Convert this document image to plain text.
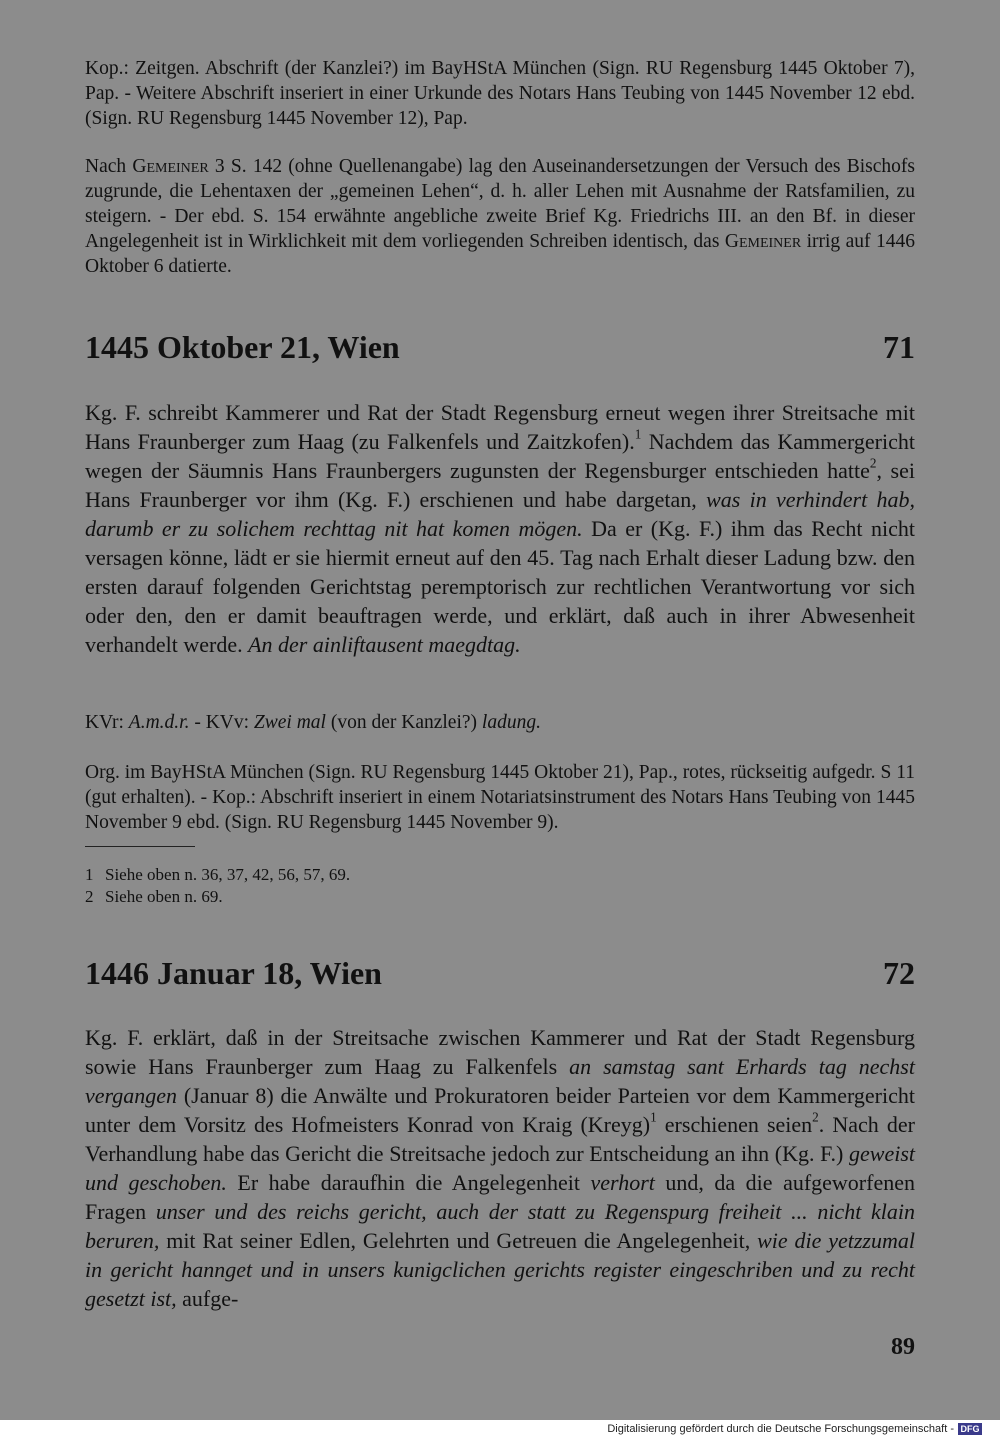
Kop.: Zeitgen. Abschrift (der Kanzlei?) im BayHStA München (Sign. RU Regensburg 1445 Oktober 7), Pap. - Weitere Abschrift inseriert in einer Urkunde des Notars Hans Teubing von 1445 November 12 ebd. (Sign. RU Regensburg 1445 November 12), Pap.

Nach Gemeiner 3 S. 142 (ohne Quellenangabe) lag den Auseinandersetzungen der Versuch des Bischofs zugrunde, die Lehentaxen der „gemeinen Lehen“, d. h. aller Lehen mit Ausnahme der Ratsfamilien, zu steigern. - Der ebd. S. 154 erwähnte angebliche zweite Brief Kg. Friedrichs III. an den Bf. in dieser Angelegenheit ist in Wirklichkeit mit dem vorliegenden Schreiben identisch, das Gemeiner irrig auf 1446 Oktober 6 datierte.

1445 Oktober 21, Wien	71

Kg. F. schreibt Kammerer und Rat der Stadt Regensburg erneut wegen ihrer Streitsache mit Hans Fraunberger zum Haag (zu Falkenfels und Zaitzkofen).$^1$ Nachdem das Kammergericht wegen der Säumnis Hans Fraunbergers zugunsten der Regensburger entschieden hatte$^2$, sei Hans Fraunberger vor ihm (Kg. F.) erschienen und habe dargetan, was in verhindert hab, darumb er zu solichem rechttag nit hat komen mögen. Da er (Kg. F.) ihm das Recht nicht versagen könne, lädt er sie hiermit erneut auf den 45. Tag nach Erhalt dieser Ladung bzw. den ersten darauf folgenden Gerichtstag peremptorisch zur rechtlichen Verantwortung vor sich oder den, den er damit beauftragen werde, und erklärt, daß auch in ihrer Abwesenheit verhandelt werde. An der ainliftausent maegdtag.

KVr: A.m.d.r. - KVv: Zwei mal (von der Kanzlei?) ladung.

Org. im BayHStA München (Sign. RU Regensburg 1445 Oktober 21), Pap., rotes, rückseitig aufgedr. S 11 (gut erhalten). - Kop.: Abschrift inseriert in einem Notariatsinstrument des Notars Hans Teubing von 1445 November 9 ebd. (Sign. RU Regensburg 1445 November 9).

1 Siehe oben n. 36, 37, 42, 56, 57, 69.
2 Siehe oben n. 69.
1446 Januar 18, Wien	72

Kg. F. erklärt, daß in der Streitsache zwischen Kammerer und Rat der Stadt Regensburg sowie Hans Fraunberger zum Haag zu Falkenfels an samstag sant Erhards tag nechst vergangen (Januar 8) die Anwälte und Prokuratoren beider Parteien vor dem Kammergericht unter dem Vorsitz des Hofmeisters Konrad von Kraig (Kreyg)$^1$ erschienen seien$^2$. Nach der Verhandlung habe das Gericht die Streitsache jedoch zur Entscheidung an ihn (Kg. F.) geweist und geschoben. Er habe daraufhin die Angelegenheit verhort und, da die aufgeworfenen Fragen unser und des reichs gericht, auch der statt zu Regenspurg freiheit ... nicht klain beruren, mit Rat seiner Edlen, Gelehrten und Getreuen die Angelegenheit, wie die yetzzumal in gericht hannget und in unsers kunigclichen gerichts register eingeschriben und zu recht gesetzt ist, aufge-

89
Digitalisierung gefördert durch die Deutsche Forschungsgemeinschaft - DFG
